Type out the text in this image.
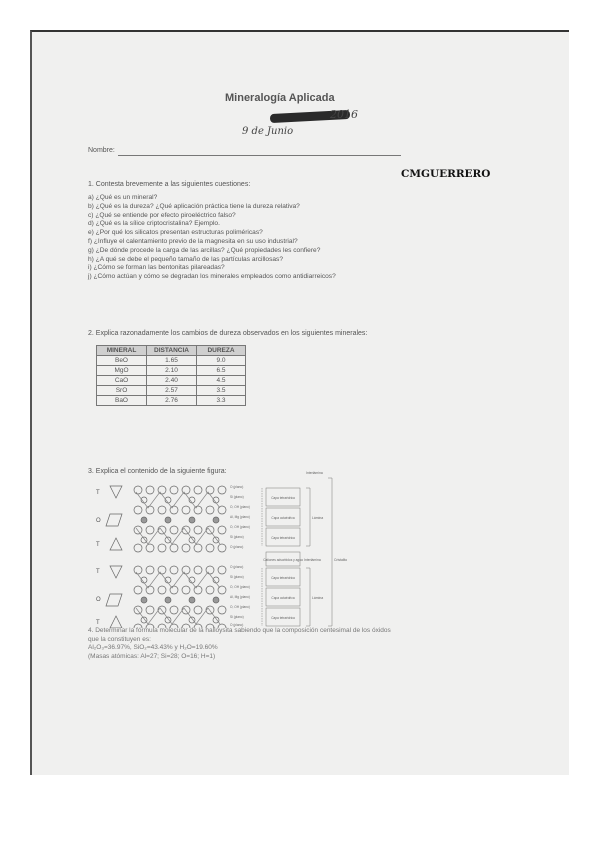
Mineralogía Aplicada
2016
9 de Junio
Nombre:
CMGUERRERO
1. Contesta brevemente a las siguientes cuestiones:
a) ¿Qué es un mineral?
b) ¿Qué es la dureza? ¿Qué aplicación práctica tiene la dureza relativa?
c) ¿Qué se entiende por efecto piroeléctrico falso?
d) ¿Qué es la sílice criptocristalina? Ejemplo.
e) ¿Por qué los silicatos presentan estructuras poliméricas?
f) ¿Influye el calentamiento previo de la magnesita en su uso industrial?
g) ¿De dónde procede la carga de las arcillas? ¿Qué propiedades les confiere?
h) ¿A qué se debe el pequeño tamaño de las partículas arcillosas?
i) ¿Cómo se forman las bentonitas pilareadas?
j) ¿Cómo actúan y cómo se degradan los minerales empleados como antidiarreicos?
2. Explica razonadamente los cambios de dureza observados en los siguientes minerales:
MINERAL	DISTANCIA	DUREZA
BeO	1.65	9.0
MgO	2.10	6.5
CaO	2.40	4.5
SrO	2.57	3.5
BaO	2.76	3.3
3. Explica el contenido de la siguiente figura:
T
O
T
T
O
T
O (plano)
Si (plano)
O, OH (plano)
Al, Mg (plano)
O, OH (plano)
Si (plano)
O (plano)
O (plano)
Si (plano)
O, OH (plano)
Al, Mg (plano)
O, OH (plano)
Si (plano)
O (plano)
Capa tetraédrica
Capa octaédrica
Capa tetraédrica
Cationes adsorbidos y agua
Capa tetraédrica
Capa octaédrica
Capa tetraédrica
Lámina
Lámina
Interlámina
Interlámina	Cristalito
4. Determinar la fórmula molecular de la halloysita sabiendo que la composición centesimal de los óxidos
que la constituyen es:
Al₂O₃=36.97%, SiO₂=43.43% y H₂O=19.60%
(Masas atómicas: Al=27; Si=28; O=16; H=1)
